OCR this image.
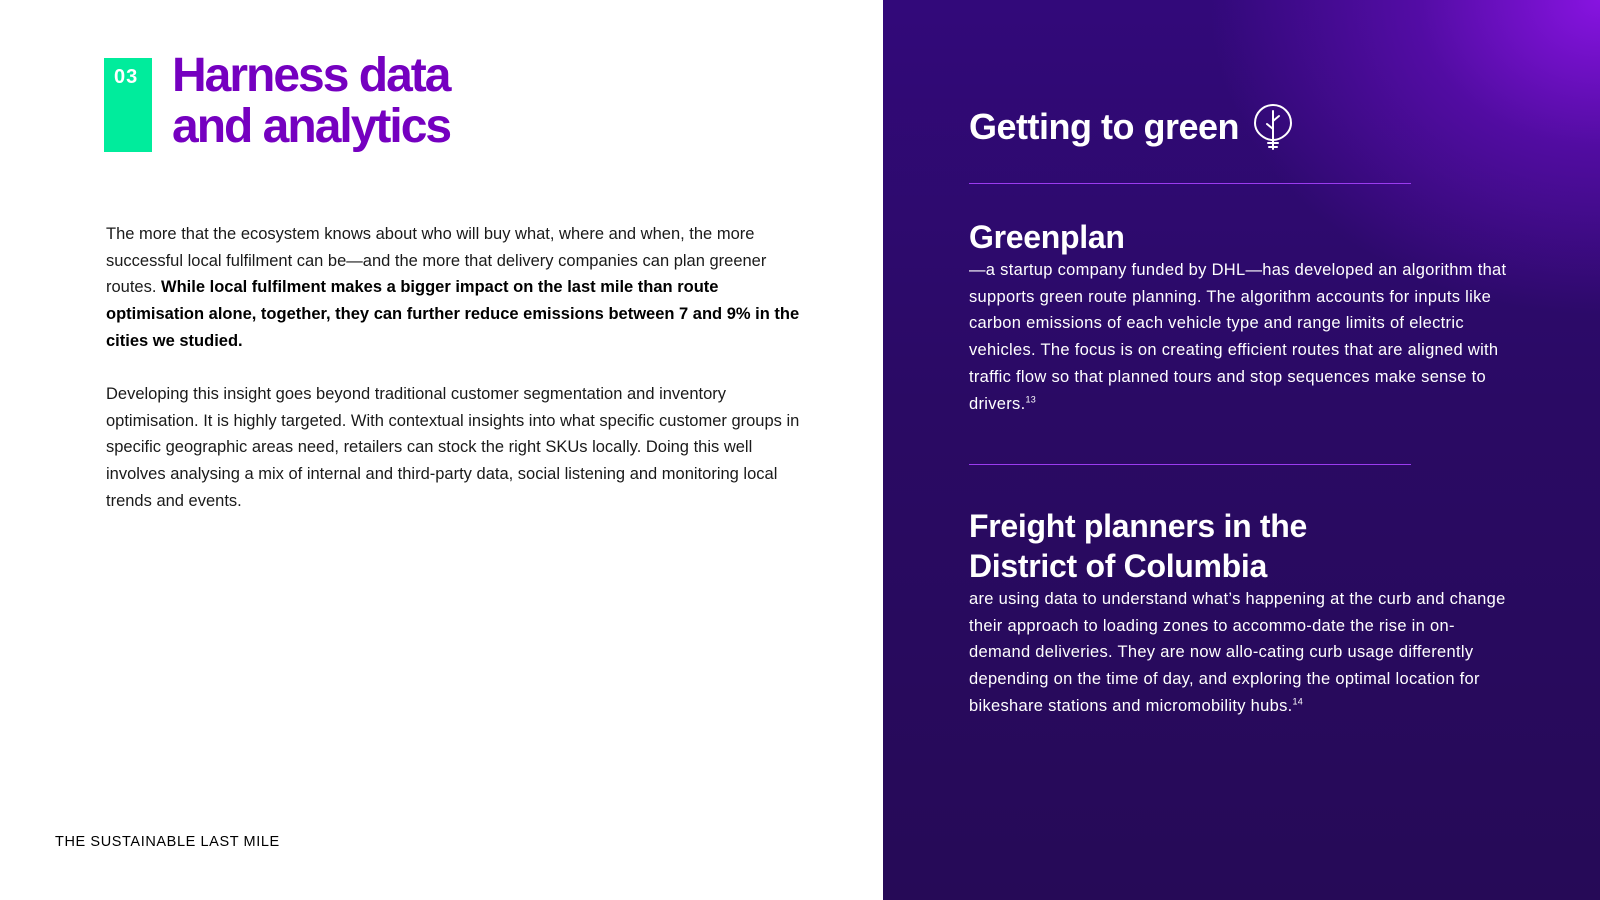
03 Harness data
and analytics

The more that the ecosystem knows about who will buy what, where and when, the more successful local fulfilment can be—and the more that delivery companies can plan greener routes. While local fulfilment makes a bigger impact on the last mile than route optimisation alone, together, they can further reduce emissions between 7 and 9% in the cities we studied.

Developing this insight goes beyond traditional customer segmentation and inventory optimisation. It is highly targeted. With contextual insights into what specific customer groups in specific geographic areas need, retailers can stock the right SKUs locally. Doing this well involves analysing a mix of internal and third-party data, social listening and monitoring local trends and events.

THE SUSTAINABLE LAST MILE
Getting to green
Greenplan

—a startup company funded by DHL—has developed an algorithm that supports green route planning. The algorithm accounts for inputs like carbon emissions of each vehicle type and range limits of electric vehicles. The focus is on creating efficient routes that are aligned with traffic flow so that planned tours and stop sequences make sense to drivers.$^{13}$

Freight planners in the
District of Columbia

are using data to understand what’s happening at the curb and change their approach to loading zones to accommo-date the rise in on-demand deliveries. They are now allo-cating curb usage differently depending on the time of day, and exploring the optimal location for bikeshare stations and micromobility hubs.$^{14}$
